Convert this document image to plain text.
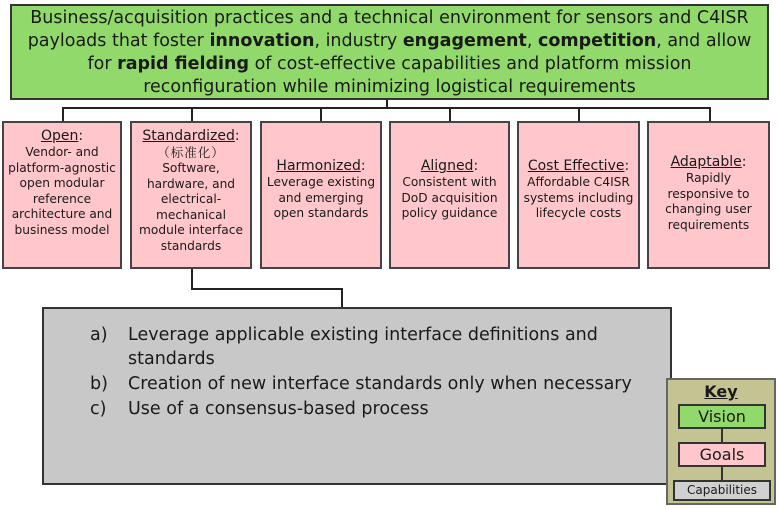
Business/acquisition practices and a technical environment for sensors and C4ISR payloads that foster innovation, industry engagement, competition, and allow for rapid fielding of cost-effective capabilities and platform mission reconfiguration while minimizing logistical requirements
Open:
Vendor- and platform-agnostic open modular reference architecture and business model
Standardized:
（标准化）
Software, hardware, and electrical-mechanical module interface standards
Harmonized:
Leverage existing and emerging open standards
Aligned:
Consistent with DoD acquisition policy guidance
Cost Effective:
Affordable C4ISR systems including lifecycle costs
Adaptable:
Rapidly responsive to changing user requirements
a) Leverage applicable existing interface definitions and standards
b) Creation of new interface standards only when necessary
c) Use of a consensus-based process
Key
Vision
Goals
Capabilities
